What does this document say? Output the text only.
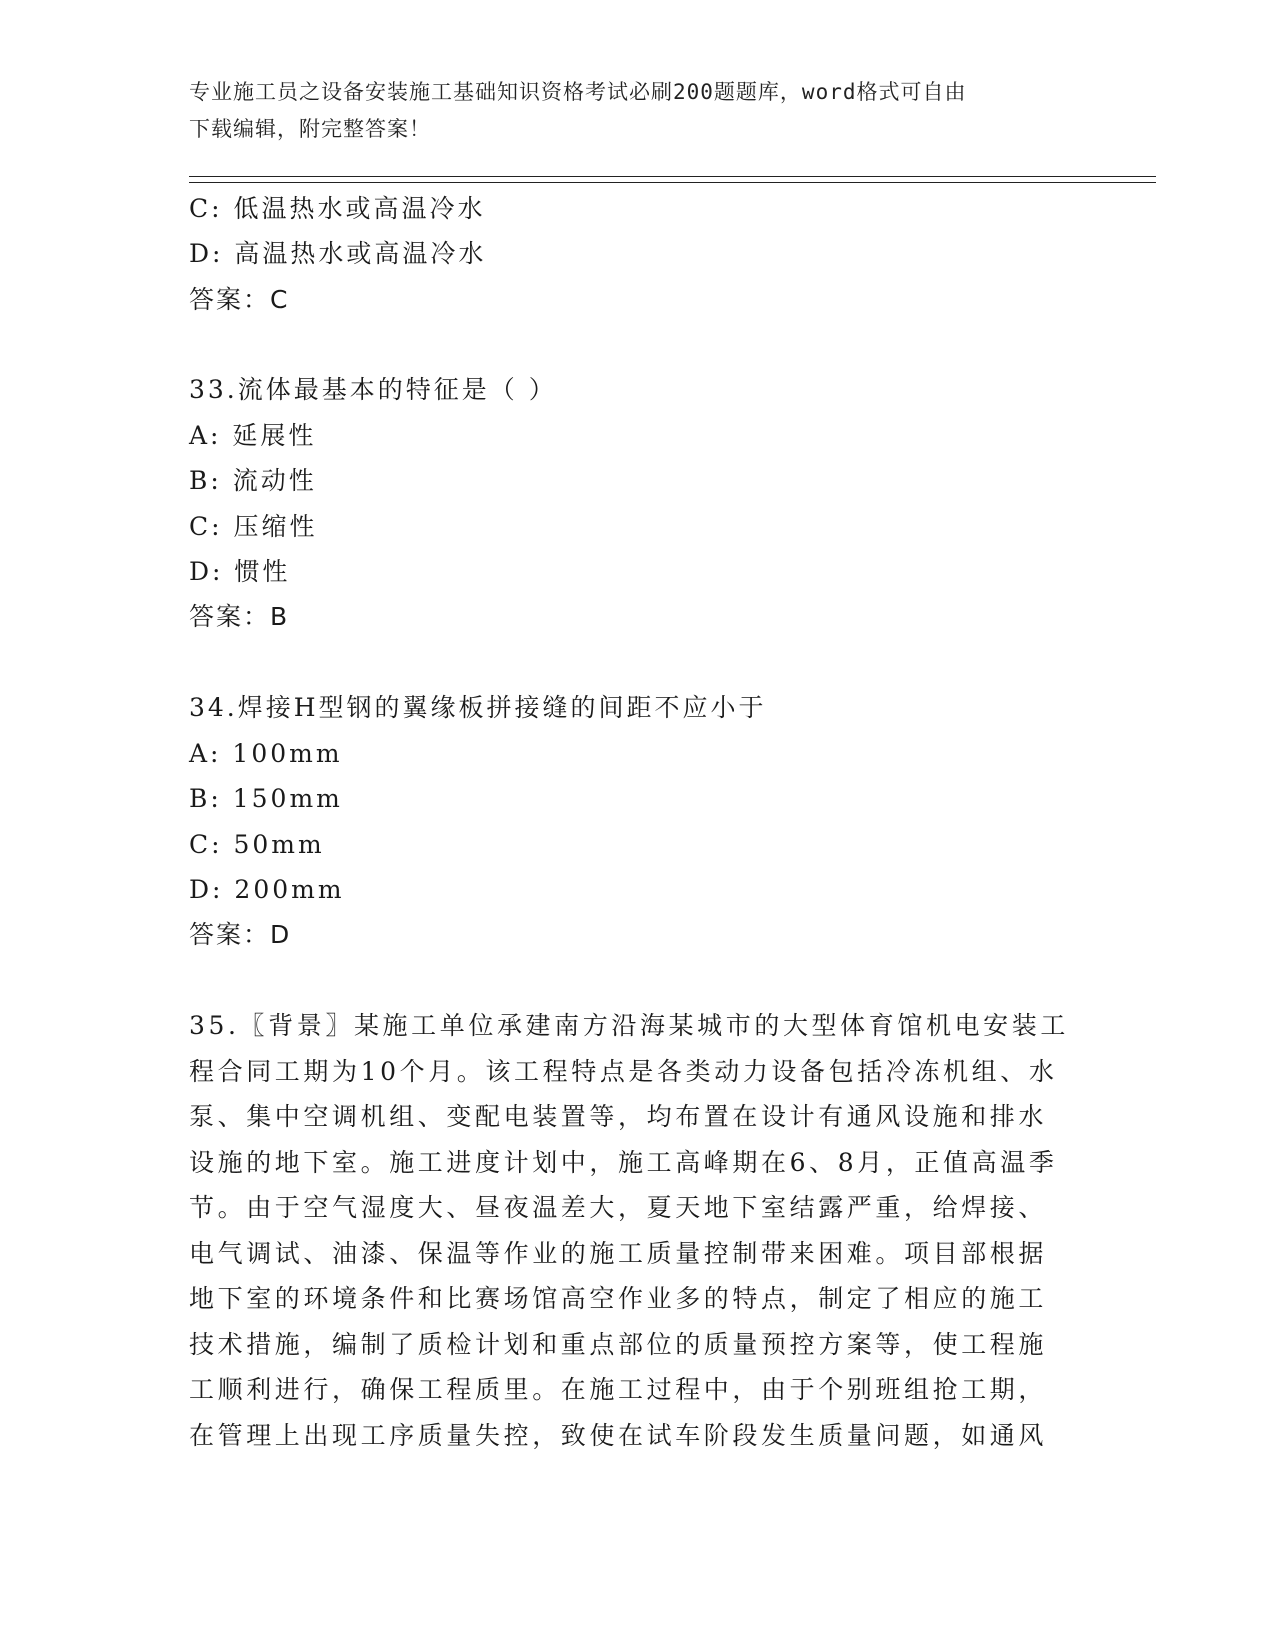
专业施工员之设备安装施工基础知识资格考试必刷200题题库，word格式可自由
下载编辑，附完整答案！
C: 低温热水或高温冷水
D: 高温热水或高温冷水
答案：C
33.流体最基本的特征是（ ）
A: 延展性
B: 流动性
C: 压缩性
D: 惯性
答案：B
34.焊接H型钢的翼缘板拼接缝的间距不应小于
A: 100mm
B: 150mm
C: 50mm
D: 200mm
答案：D
35.〖背景〗某施工单位承建南方沿海某城市的大型体育馆机电安装工
程合同工期为10个月。该工程特点是各类动力设备包括冷冻机组、水
泵、集中空调机组、变配电装置等，均布置在设计有通风设施和排水
设施的地下室。施工进度计划中，施工高峰期在6、8月，正值高温季
节。由于空气湿度大、昼夜温差大，夏天地下室结露严重，给焊接、
电气调试、油漆、保温等作业的施工质量控制带来困难。项目部根据
地下室的环境条件和比赛场馆高空作业多的特点，制定了相应的施工
技术措施，编制了质检计划和重点部位的质量预控方案等，使工程施
工顺利进行，确保工程质里。在施工过程中，由于个别班组抢工期，
在管理上出现工序质量失控，致使在试车阶段发生质量问题，如通风
